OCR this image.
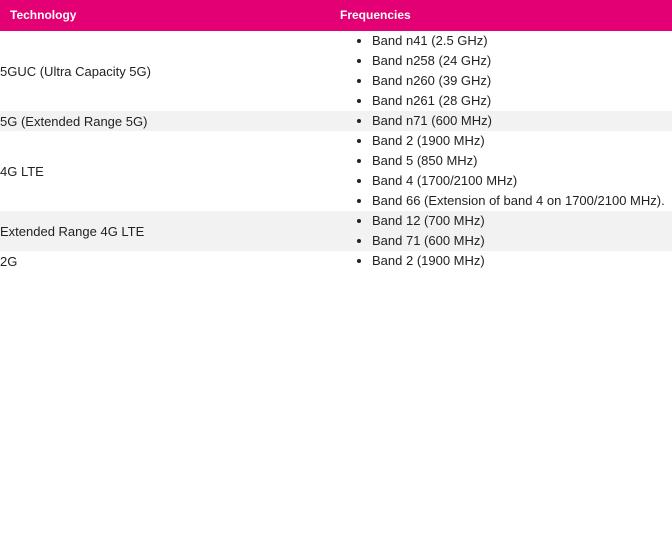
Technology	Frequencies
5GUC (Ultra Capacity 5G)	
• Band n41 (2.5 GHz)
• Band n258 (24 GHz)
• Band n260 (39 GHz)
• Band n261 (28 GHz)

5G (Extended Range 5G)	
•Band n71 (600 MHz)

4G LTE	
• Band 2 (1900 MHz)
• Band 5 (850 MHz)
• Band 4 (1700/2100 MHz)
• Band 66 (Extension of band 4 on 1700/2100 MHz).

Extended Range 4G LTE	
• Band 12 (700 MHz)
• Band 71 (600 MHz)

2G	
•Band 2 (1900 MHz)
